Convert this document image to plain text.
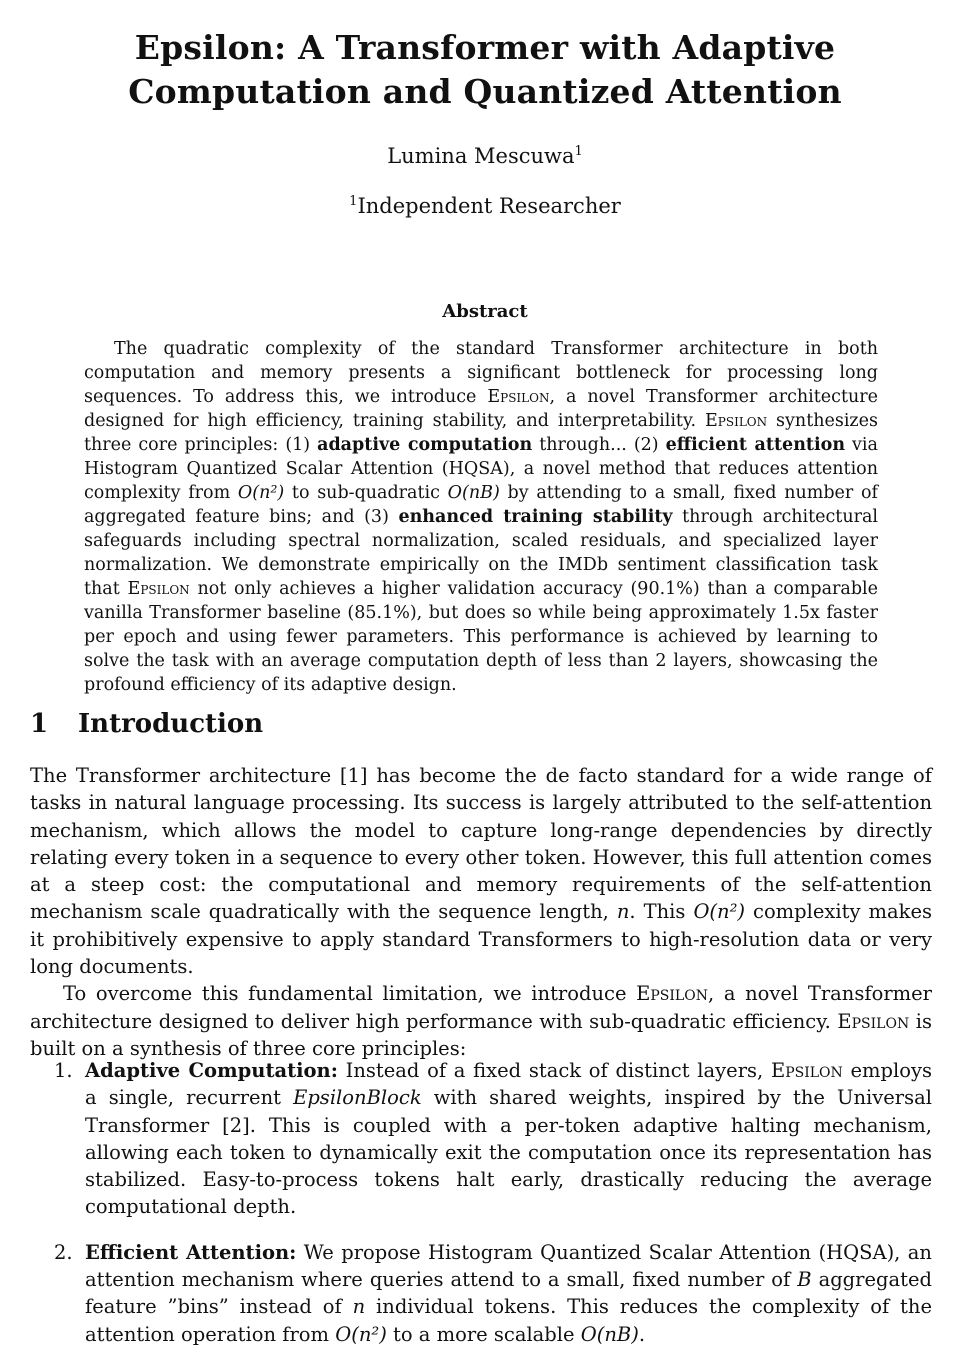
Epsilon: A Transformer with Adaptive Computation and Quantized Attention
Lumina Mescuwa$^1$
$^1$Independent Researcher
Abstract

The quadratic complexity of the standard Transformer architecture in both computation and memory presents a significant bottleneck for processing long sequences. To address this, we introduce Epsilon, a novel Transformer architecture designed for high efficiency, training stability, and interpretability. Epsilon synthesizes three core principles: (1) adaptive computation through... (2) efficient attention via Histogram Quantized Scalar Attention (HQSA), a novel method that reduces attention complexity from O(n²) to sub-quadratic O(nB) by attending to a small, fixed number of aggregated feature bins; and (3) enhanced training stability through architectural safeguards including spectral normalization, scaled residuals, and specialized layer normalization. We demonstrate empirically on the IMDb sentiment classification task that Epsilon not only achieves a higher validation accuracy (90.1%) than a comparable vanilla Transformer baseline (85.1%), but does so while being approximately 1.5x faster per epoch and using fewer parameters. This performance is achieved by learning to solve the task with an average computation depth of less than 2 layers, showcasing the profound efficiency of its adaptive design.

1 Introduction

The Transformer architecture [1] has become the de facto standard for a wide range of tasks in natural language processing. Its success is largely attributed to the self-attention mechanism, which allows the model to capture long-range dependencies by directly relating every token in a sequence to every other token. However, this full attention comes at a steep cost: the computational and memory requirements of the self-attention mechanism scale quadratically with the sequence length, n. This O(n²) complexity makes it prohibitively expensive to apply standard Transformers to high-resolution data or very long documents.

To overcome this fundamental limitation, we introduce Epsilon, a novel Transformer architecture designed to deliver high performance with sub-quadratic efficiency. Epsilon is built on a synthesis of three core principles:

1. Adaptive Computation: Instead of a fixed stack of distinct layers, Epsilon employs a single, recurrent EpsilonBlock with shared weights, inspired by the Universal Transformer [2]. This is coupled with a per-token adaptive halting mechanism, allowing each token to dynamically exit the computation once its representation has stabilized. Easy-to-process tokens halt early, drastically reducing the average computational depth.
2. Efficient Attention: We propose Histogram Quantized Scalar Attention (HQSA), an attention mechanism where queries attend to a small, fixed number of B aggregated feature ”bins” instead of n individual tokens. This reduces the complexity of the attention operation from O(n²) to a more scalable O(nB).
